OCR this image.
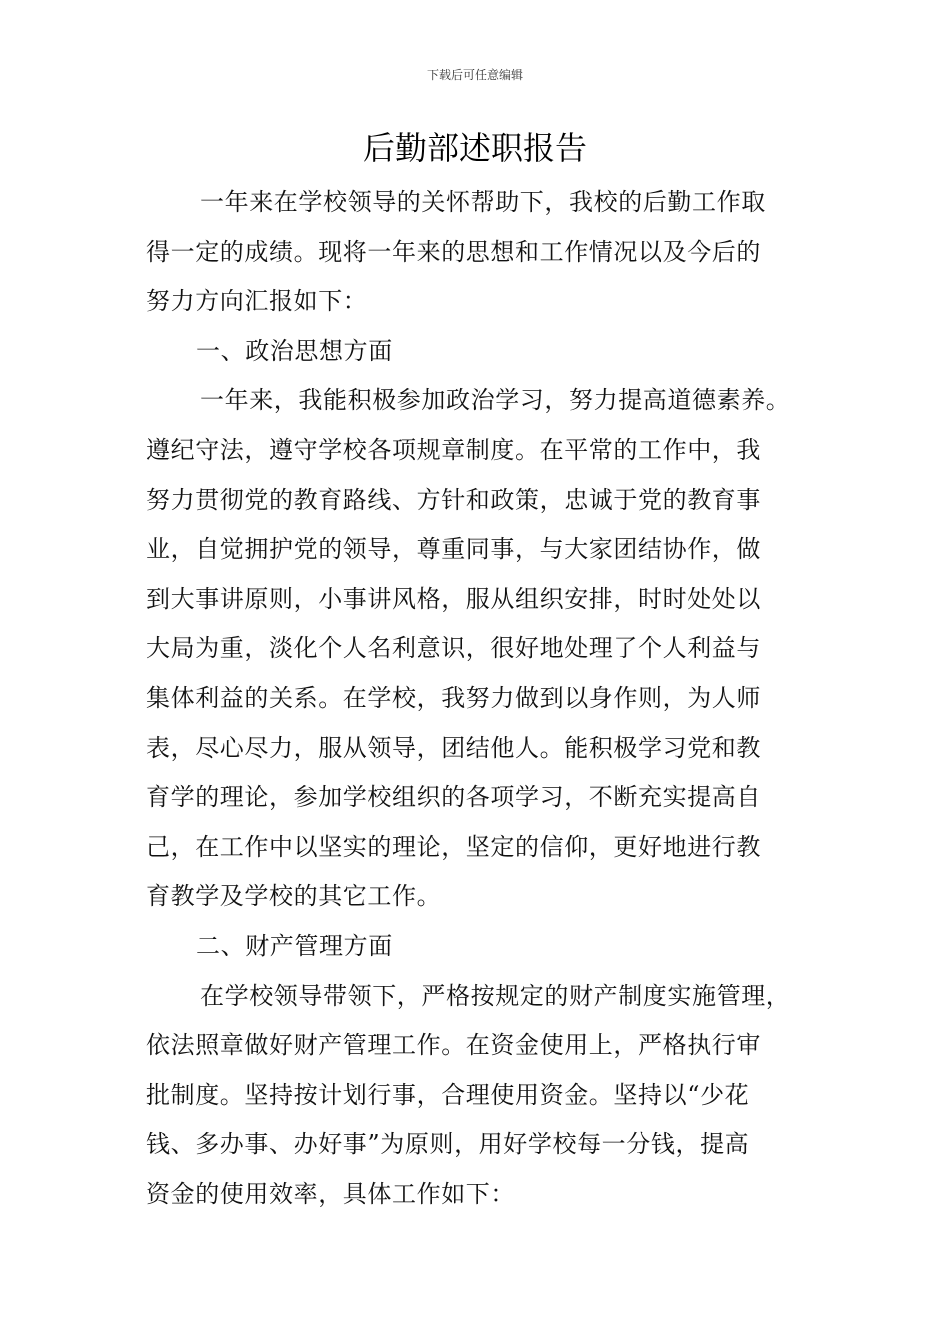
下载后可任意编辑
后勤部述职报告
一年来在学校领导的关怀帮助下，我校的后勤工作取
得一定的成绩。现将一年来的思想和工作情况以及今后的
努力方向汇报如下：
一、政治思想方面
一年来，我能积极参加政治学习，努力提高道德素养。
遵纪守法，遵守学校各项规章制度。在平常的工作中，我
努力贯彻党的教育路线、方针和政策，忠诚于党的教育事
业，自觉拥护党的领导，尊重同事，与大家团结协作，做
到大事讲原则，小事讲风格，服从组织安排，时时处处以
大局为重，淡化个人名利意识，很好地处理了个人利益与
集体利益的关系。在学校，我努力做到以身作则，为人师
表，尽心尽力，服从领导，团结他人。能积极学习党和教
育学的理论，参加学校组织的各项学习，不断充实提高自
己，在工作中以坚实的理论，坚定的信仰，更好地进行教
育教学及学校的其它工作。
二、财产管理方面
在学校领导带领下，严格按规定的财产制度实施管理，
依法照章做好财产管理工作。在资金使用上，严格执行审
批制度。坚持按计划行事，合理使用资金。坚持以“少花
钱、多办事、办好事”为原则，用好学校每一分钱，提高
资金的使用效率，具体工作如下：
